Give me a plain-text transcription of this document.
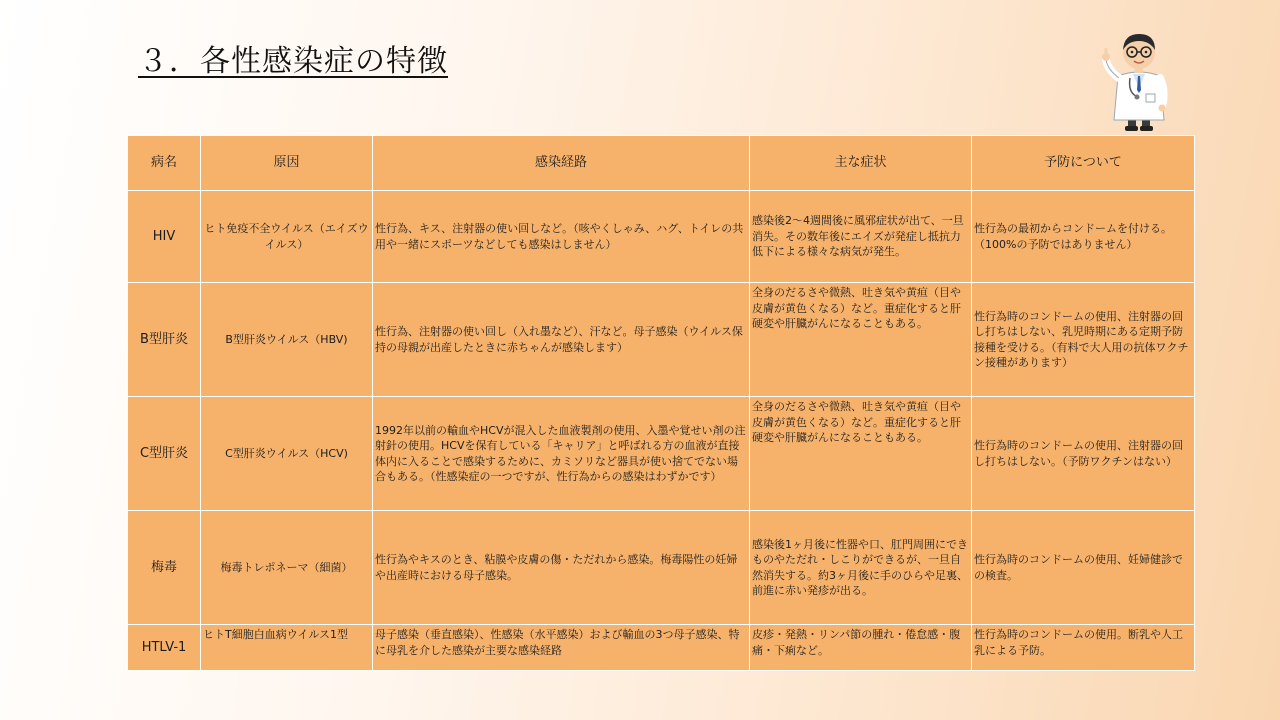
３．各性感染症の特徴
病名	原因	感染経路	主な症状	予防について
HIV	ヒト免疫不全ウイルス（エイズウイルス）	性行為、キス、注射器の使い回しなど。（咳やくしゃみ、ハグ、トイレの共用や一緒にスポーツなどしても感染はしません）	感染後2〜4週間後に風邪症状が出て、一旦消失。その数年後にエイズが発症し抵抗力低下による様々な病気が発生。	性行為の最初からコンドームを付ける。（100%の予防ではありません）
B型肝炎	B型肝炎ウイルス（HBV)	性行為、注射器の使い回し（入れ墨など）、汗など。母子感染（ウイルス保持の母親が出産したときに赤ちゃんが感染します）	全身のだるさや微熱、吐き気や黄疸（目や皮膚が黄色くなる）など。重症化すると肝硬変や肝臓がんになることもある。	性行為時のコンドームの使用、注射器の回し打ちはしない、乳児時期にある定期予防接種を受ける。（有料で大人用の抗体ワクチン接種があります）
C型肝炎	C型肝炎ウイルス（HCV)	1992年以前の輸血やHCVが混入した血液製剤の使用、入墨や覚せい剤の注射針の使用。HCVを保有している「キャリア」と呼ばれる方の血液が直接体内に入ることで感染するために、カミソリなど器具が使い捨てでない場合もある。（性感染症の一つですが、性行為からの感染はわずかです）	全身のだるさや微熱、吐き気や黄疸（目や皮膚が黄色くなる）など。重症化すると肝硬変や肝臓がんになることもある。	性行為時のコンドームの使用、注射器の回し打ちはしない。（予防ワクチンはない）
梅毒	梅毒トレポネーマ（細菌）	性行為やキスのとき、粘膜や皮膚の傷・ただれから感染。梅毒陽性の妊婦や出産時における母子感染。	感染後1ヶ月後に性器や口、肛門周囲にできものやただれ・しこりができるが、一旦自然消失する。約3ヶ月後に手のひらや足裏、前進に赤い発疹が出る。	性行為時のコンドームの使用、妊婦健診での検査。
HTLV-1	ヒトT細胞白血病ウイルス1型	母子感染（垂直感染）、性感染（水平感染）および輸血の3つ母子感染、特に母乳を介した感染が主要な感染経路	皮疹・発熱・リンパ節の腫れ・倦怠感・腹痛・下痢など。	性行為時のコンドームの使用。断乳や人工乳による予防。
